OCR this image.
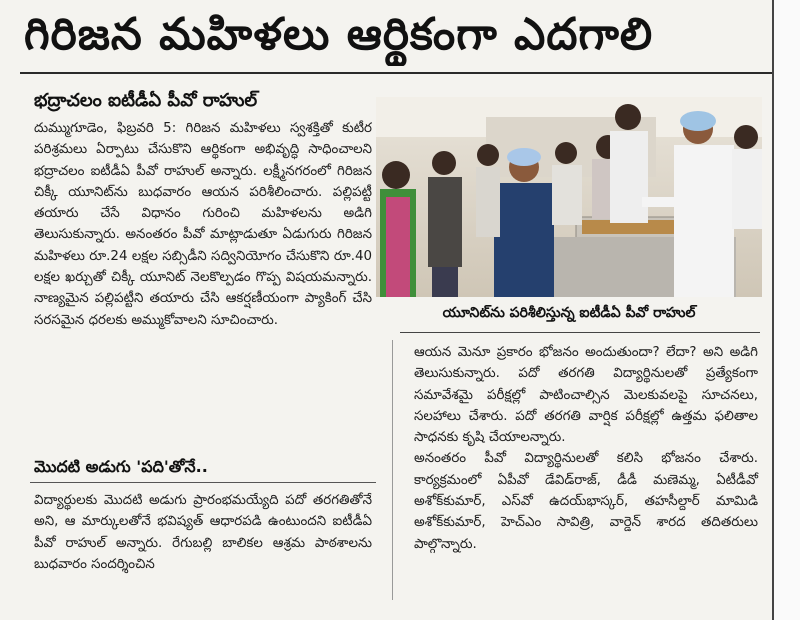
గిరిజన మహిళలు ఆర్థికంగా ఎదగాలి
భద్రాచలం ఐటీడీఏ పీవో రాహుల్

దుమ్ముగూడెం, ఫిబ్రవరి 5: గిరిజన మహిళలు స్వశక్తితో కుటీర పరిశ్రమలు ఏర్పాటు చేసుకొని ఆర్థికంగా అభివృద్ధి సాధించాలని భద్రాచలం ఐటీడీఏ పీవో రాహుల్ అన్నారు. లక్ష్మీనగరంలో గిరిజన చిక్కీ యూనిట్‌ను బుధవారం ఆయన పరిశీలించారు. పల్లిపట్టీ తయారు చేసే విధానం గురించి మహిళలను అడిగి తెలుసుకున్నారు. అనంతరం పీవో మాట్లాడుతూ ఏడుగురు గిరిజన మహిళలు రూ.24 లక్షల సబ్సిడీని సద్వినియోగం చేసుకొని రూ.40 లక్షల ఖర్చుతో చిక్కీ యూనిట్ నెలకొల్పడం గొప్ప విషయమన్నారు. నాణ్యమైన పల్లిపట్టీని తయారు చేసి ఆకర్షణీయంగా ప్యాకింగ్ చేసి సరసమైన ధరలకు అమ్ముకోవాలని సూచించారు.

మొదటి అడుగు 'పది'తోనే..

విద్యార్థులకు మొదటి అడుగు ప్రారంభమయ్యేది పదో తరగతితోనే అని, ఆ మార్కులతోనే భవిష్యత్ ఆధారపడి ఉంటుందని ఐటీడీఏ పీవో రాహుల్ అన్నారు. రేగుబల్లి బాలికల ఆశ్రమ పాఠశాలను బుధవారం సందర్శించిన

యూనిట్‌ను పరిశీలిస్తున్న ఐటీడీఏ పీవో రాహుల్

ఆయన మెనూ ప్రకారం భోజనం అందుతుందా? లేదా? అని అడిగి తెలుసుకున్నారు. పదో తరగతి విద్యార్థినులతో ప్రత్యేకంగా సమావేశమై పరీక్షల్లో పాటించాల్సిన మెలకువలపై సూచనలు, సలహాలు చేశారు. పదో తరగతి వార్షిక పరీక్షల్లో ఉత్తమ ఫలితాల సాధనకు కృషి చేయాలన్నారు.

అనంతరం పీవో విద్యార్థినులతో కలిసి భోజనం చేశారు. కార్యక్రమంలో ఏపీవో డేవిడ్‌రాజ్, డీడీ మణెమ్మ, ఏటీడీవో అశోక్‌కుమార్, ఎస్‌వో ఉదయ్‌భాస్కర్, తహసీల్దార్ మామిడి అశోక్‌కుమార్, హెచ్‌ఎం సావిత్రి, వార్డెన్ శారద తదితరులు పాల్గొన్నారు.
